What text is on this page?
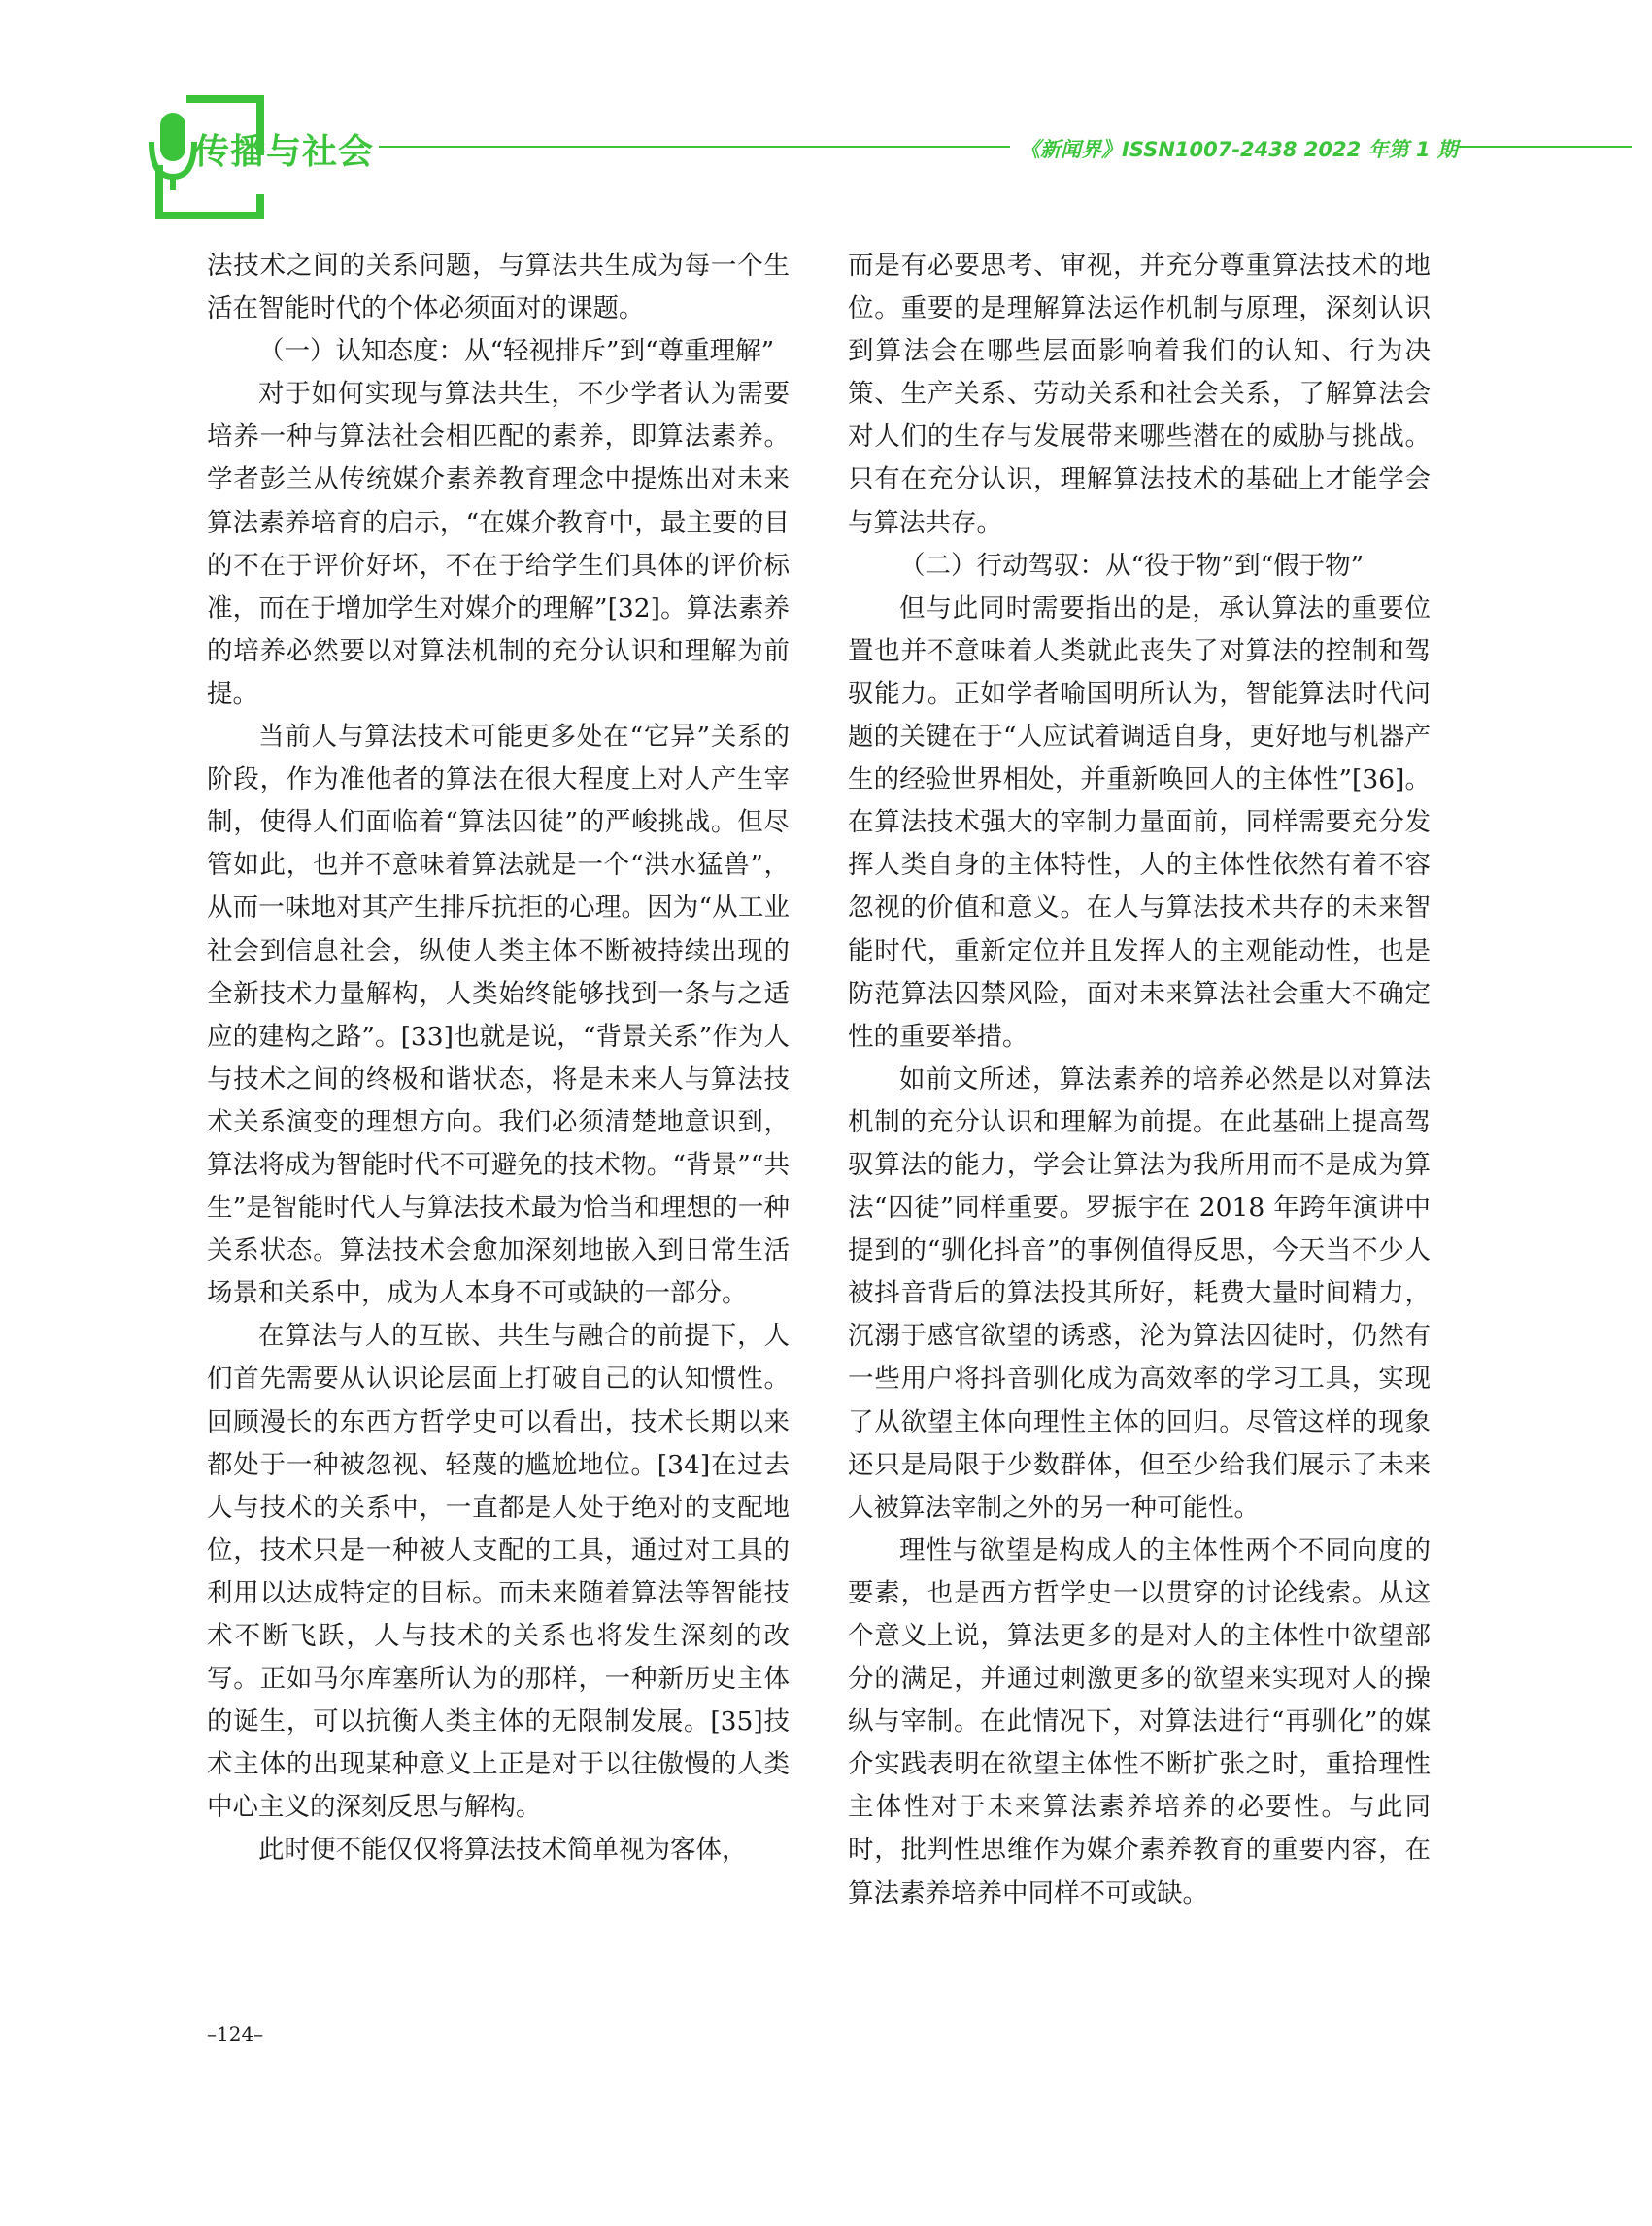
传播与社会	《新闻界》ISSN1007-2438 2022 年第 1 期

法技术之间的关系问题，与算法共生成为每一个生活在智能时代的个体必须面对的课题。

（一）认知态度：从“轻视排斥”到“尊重理解”

对于如何实现与算法共生，不少学者认为需要培养一种与算法社会相匹配的素养，即算法素养。学者彭兰从传统媒介素养教育理念中提炼出对未来算法素养培育的启示，“在媒介教育中，最主要的目的不在于评价好坏，不在于给学生们具体的评价标准，而在于增加学生对媒介的理解”[32]。算法素养的培养必然要以对算法机制的充分认识和理解为前提。

当前人与算法技术可能更多处在“它异”关系的阶段，作为准他者的算法在很大程度上对人产生宰制，使得人们面临着“算法囚徒”的严峻挑战。但尽管如此，也并不意味着算法就是一个“洪水猛兽”，从而一味地对其产生排斥抗拒的心理。因为“从工业社会到信息社会，纵使人类主体不断被持续出现的全新技术力量解构，人类始终能够找到一条与之适应的建构之路”。[33]也就是说，“背景关系”作为人与技术之间的终极和谐状态，将是未来人与算法技术关系演变的理想方向。我们必须清楚地意识到，算法将成为智能时代不可避免的技术物。“背景”“共生”是智能时代人与算法技术最为恰当和理想的一种关系状态。算法技术会愈加深刻地嵌入到日常生活场景和关系中，成为人本身不可或缺的一部分。

在算法与人的互嵌、共生与融合的前提下，人们首先需要从认识论层面上打破自己的认知惯性。回顾漫长的东西方哲学史可以看出，技术长期以来都处于一种被忽视、轻蔑的尴尬地位。[34]在过去人与技术的关系中，一直都是人处于绝对的支配地位，技术只是一种被人支配的工具，通过对工具的利用以达成特定的目标。而未来随着算法等智能技术不断飞跃，人与技术的关系也将发生深刻的改写。正如马尔库塞所认为的那样，一种新历史主体的诞生，可以抗衡人类主体的无限制发展。[35]技术主体的出现某种意义上正是对于以往傲慢的人类中心主义的深刻反思与解构。

此时便不能仅仅将算法技术简单视为客体，

而是有必要思考、审视，并充分尊重算法技术的地位。重要的是理解算法运作机制与原理，深刻认识到算法会在哪些层面影响着我们的认知、行为决策、生产关系、劳动关系和社会关系，了解算法会对人们的生存与发展带来哪些潜在的威胁与挑战。只有在充分认识，理解算法技术的基础上才能学会与算法共存。

（二）行动驾驭：从“役于物”到“假于物”

但与此同时需要指出的是，承认算法的重要位置也并不意味着人类就此丧失了对算法的控制和驾驭能力。正如学者喻国明所认为，智能算法时代问题的关键在于“人应试着调适自身，更好地与机器产生的经验世界相处，并重新唤回人的主体性”[36]。在算法技术强大的宰制力量面前，同样需要充分发挥人类自身的主体特性，人的主体性依然有着不容忽视的价值和意义。在人与算法技术共存的未来智能时代，重新定位并且发挥人的主观能动性，也是防范算法囚禁风险，面对未来算法社会重大不确定性的重要举措。

如前文所述，算法素养的培养必然是以对算法机制的充分认识和理解为前提。在此基础上提高驾驭算法的能力，学会让算法为我所用而不是成为算法“囚徒”同样重要。罗振宇在 2018 年跨年演讲中提到的“驯化抖音”的事例值得反思，今天当不少人被抖音背后的算法投其所好，耗费大量时间精力，沉溺于感官欲望的诱惑，沦为算法囚徒时，仍然有一些用户将抖音驯化成为高效率的学习工具，实现了从欲望主体向理性主体的回归。尽管这样的现象还只是局限于少数群体，但至少给我们展示了未来人被算法宰制之外的另一种可能性。

理性与欲望是构成人的主体性两个不同向度的要素，也是西方哲学史一以贯穿的讨论线索。从这个意义上说，算法更多的是对人的主体性中欲望部分的满足，并通过刺激更多的欲望来实现对人的操纵与宰制。在此情况下，对算法进行“再驯化”的媒介实践表明在欲望主体性不断扩张之时，重拾理性主体性对于未来算法素养培养的必要性。与此同时，批判性思维作为媒介素养教育的重要内容，在算法素养培养中同样不可或缺。

–124–
